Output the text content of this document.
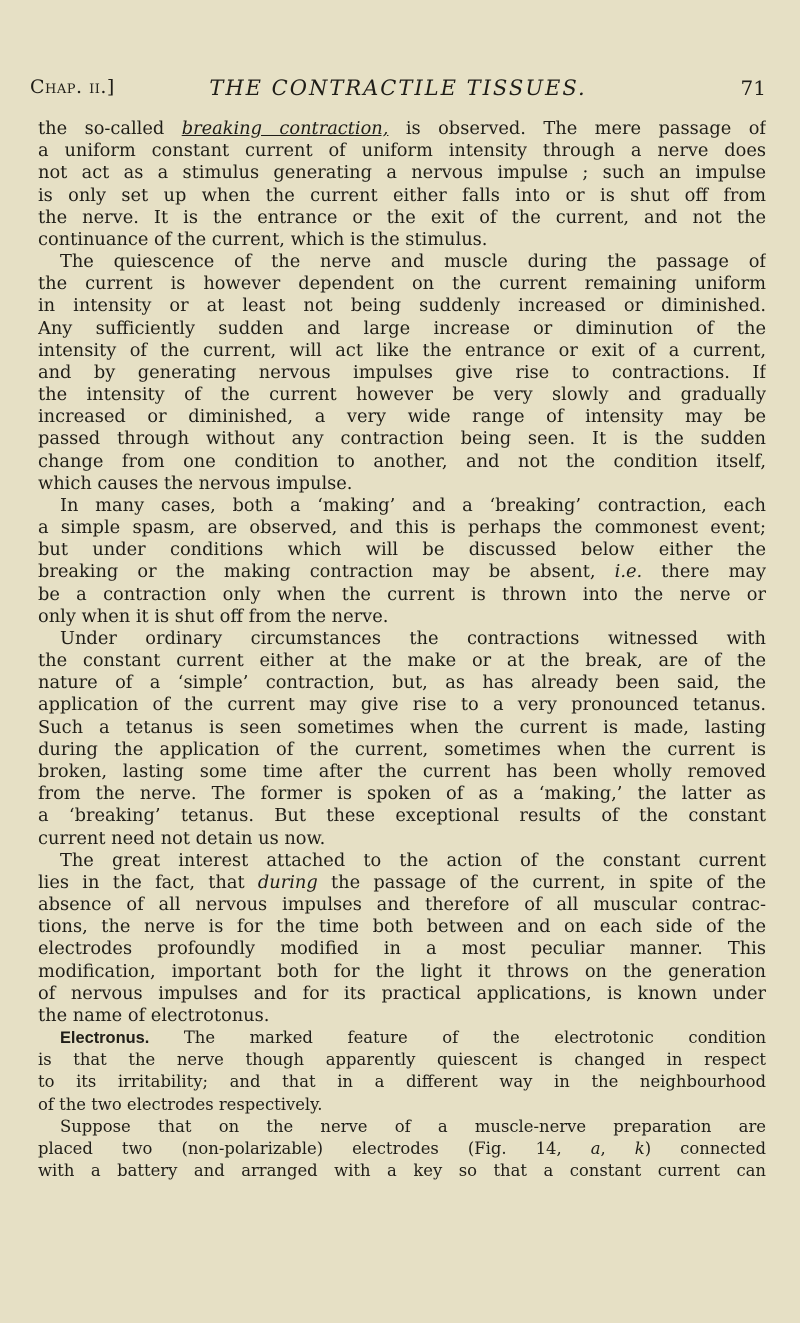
Chap. ii.]	THE CONTRACTILE TISSUES.	71
the so-called breaking contraction, is observed. The mere passage of
a uniform constant current of uniform intensity through a nerve does
not act as a stimulus generating a nervous impulse ; such an impulse
is only set up when the current either falls into or is shut off from
the nerve. It is the entrance or the exit of the current, and not the
continuance of the current, which is the stimulus.
The quiescence of the nerve and muscle during the passage of
the current is however dependent on the current remaining uniform
in intensity or at least not being suddenly increased or diminished.
Any sufficiently sudden and large increase or diminution of the
intensity of the current, will act like the entrance or exit of a current,
and by generating nervous impulses give rise to contractions. If
the intensity of the current however be very slowly and gradually
increased or diminished, a very wide range of intensity may be
passed through without any contraction being seen. It is the sudden
change from one condition to another, and not the condition itself,
which causes the nervous impulse.
In many cases, both a ‘making’ and a ‘breaking’ contraction, each
a simple spasm, are observed, and this is perhaps the commonest event;
but under conditions which will be discussed below either the
breaking or the making contraction may be absent, i.e. there may
be a contraction only when the current is thrown into the nerve or
only when it is shut off from the nerve.
Under ordinary circumstances the contractions witnessed with
the constant current either at the make or at the break, are of the
nature of a ‘simple’ contraction, but, as has already been said, the
application of the current may give rise to a very pronounced tetanus.
Such a tetanus is seen sometimes when the current is made, lasting
during the application of the current, sometimes when the current is
broken, lasting some time after the current has been wholly removed
from the nerve. The former is spoken of as a ‘making,’ the latter as
a ‘breaking’ tetanus. But these exceptional results of the constant
current need not detain us now.
The great interest attached to the action of the constant current
lies in the fact, that during the passage of the current, in spite of the
absence of all nervous impulses and therefore of all muscular contrac-
tions, the nerve is for the time both between and on each side of the
electrodes profoundly modified in a most peculiar manner. This
modification, important both for the light it throws on the generation
of nervous impulses and for its practical applications, is known under
the name of electrotonus.
Electronus. The marked feature of the electrotonic condition
is that the nerve though apparently quiescent is changed in respect
to its irritability; and that in a different way in the neighbourhood
of the two electrodes respectively.
Suppose that on the nerve of a muscle-nerve preparation are
placed two (non-polarizable) electrodes (Fig. 14, a, k) connected
with a battery and arranged with a key so that a constant current can
